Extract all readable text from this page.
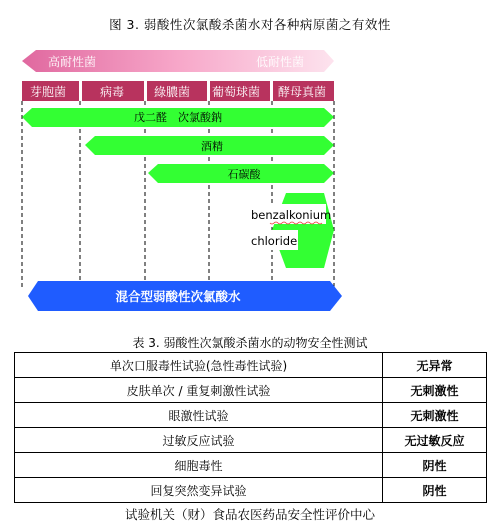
图 3. 弱酸性次氯酸杀菌水对各种病原菌之有效性
高耐性菌	低耐性菌
芽胞菌	病毒 綠膿菌 葡萄球菌 酵母真菌
戊二醛　次氯酸鈉
酒精
石碳酸
benzalkonium
chloride
混合型弱酸性次氯酸水
表 3. 弱酸性次氯酸杀菌水的动物安全性测试
单次口服毒性试验(急性毒性试验)	无异常
皮肤单次 / 重复刺激性试验	无刺激性
眼激性试验	无刺激性
过敏反应试验	无过敏反应
细胞毒性	阴性
回复突然变异试验	阴性
试验机关（财）食品农医药品安全性评价中心
